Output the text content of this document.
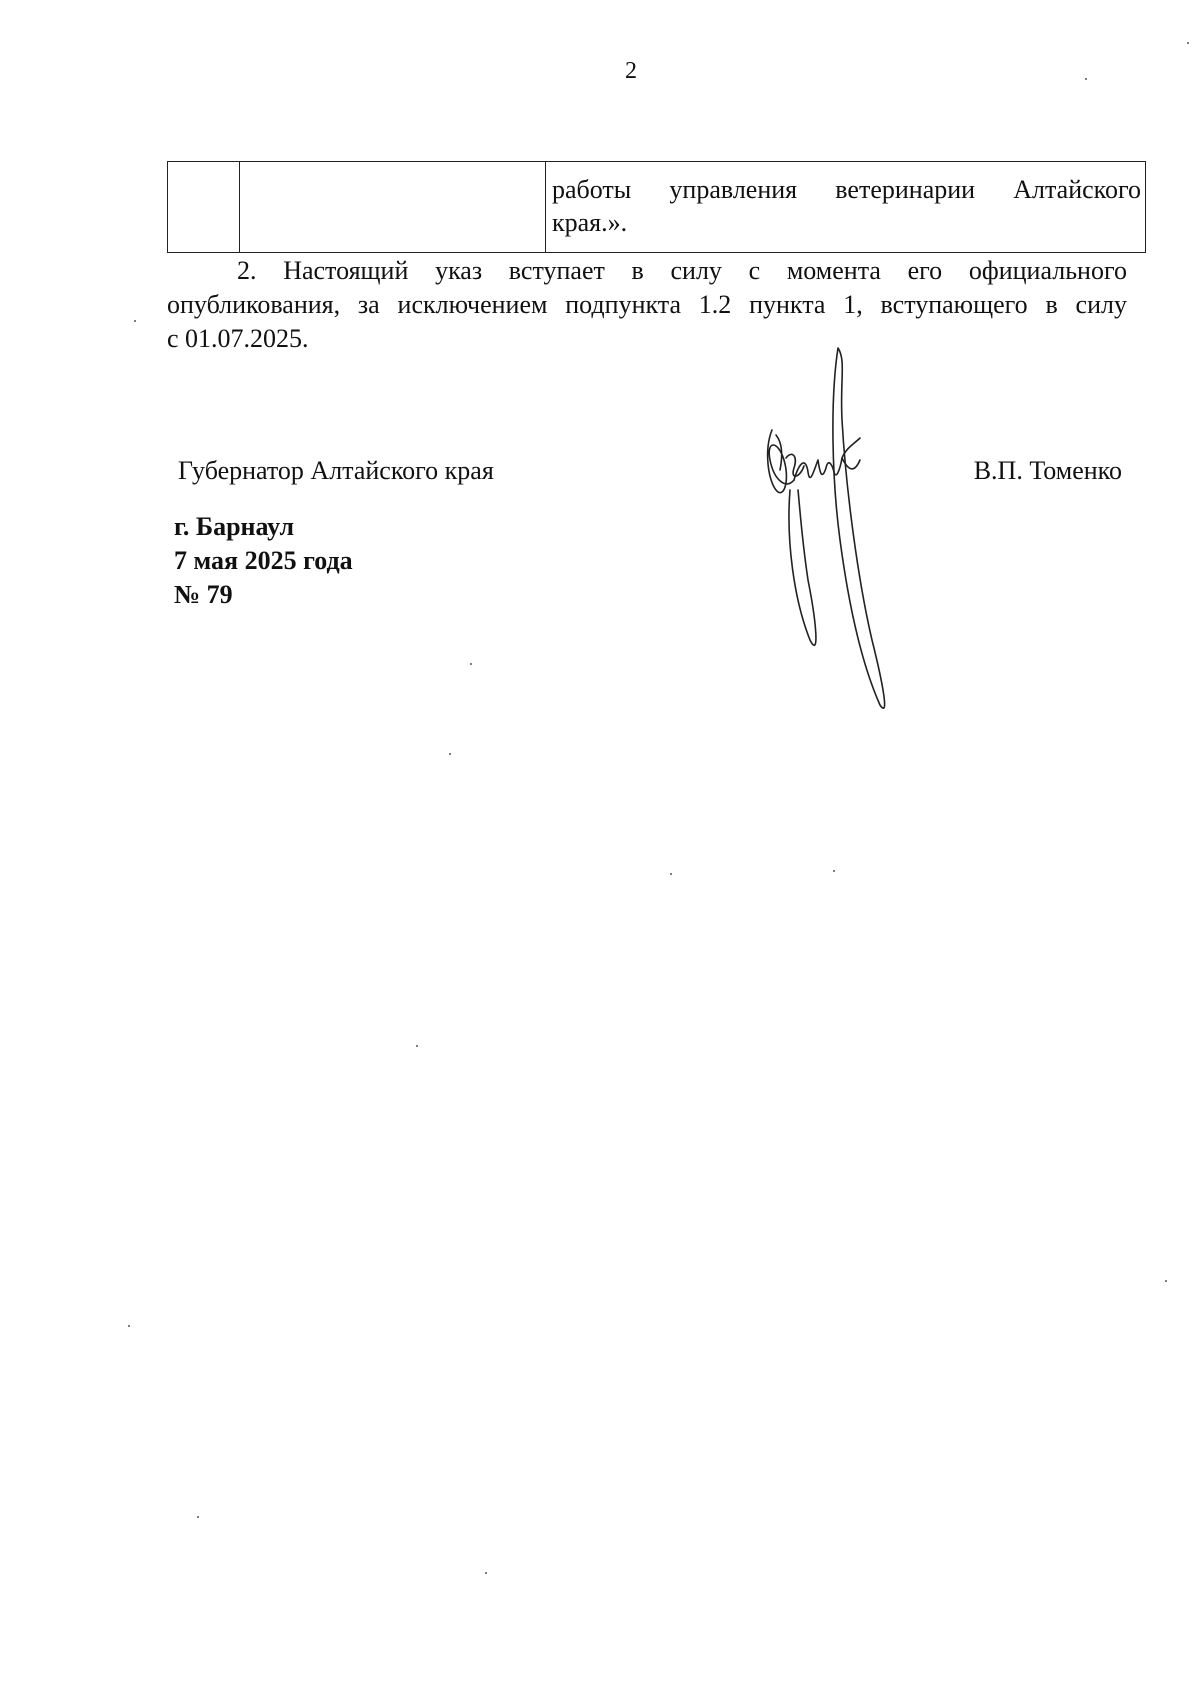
2
работы управления ветеринарии Алтайского
края.».
2. Настоящий указ вступает в силу с момента его официального
опубликования, за исключением подпункта 1.2 пункта 1, вступающего в силу
с 01.07.2025.
Губернатор Алтайского края	В.П. Томенко
г. Барнаул
7 мая 2025 года
№ 79
